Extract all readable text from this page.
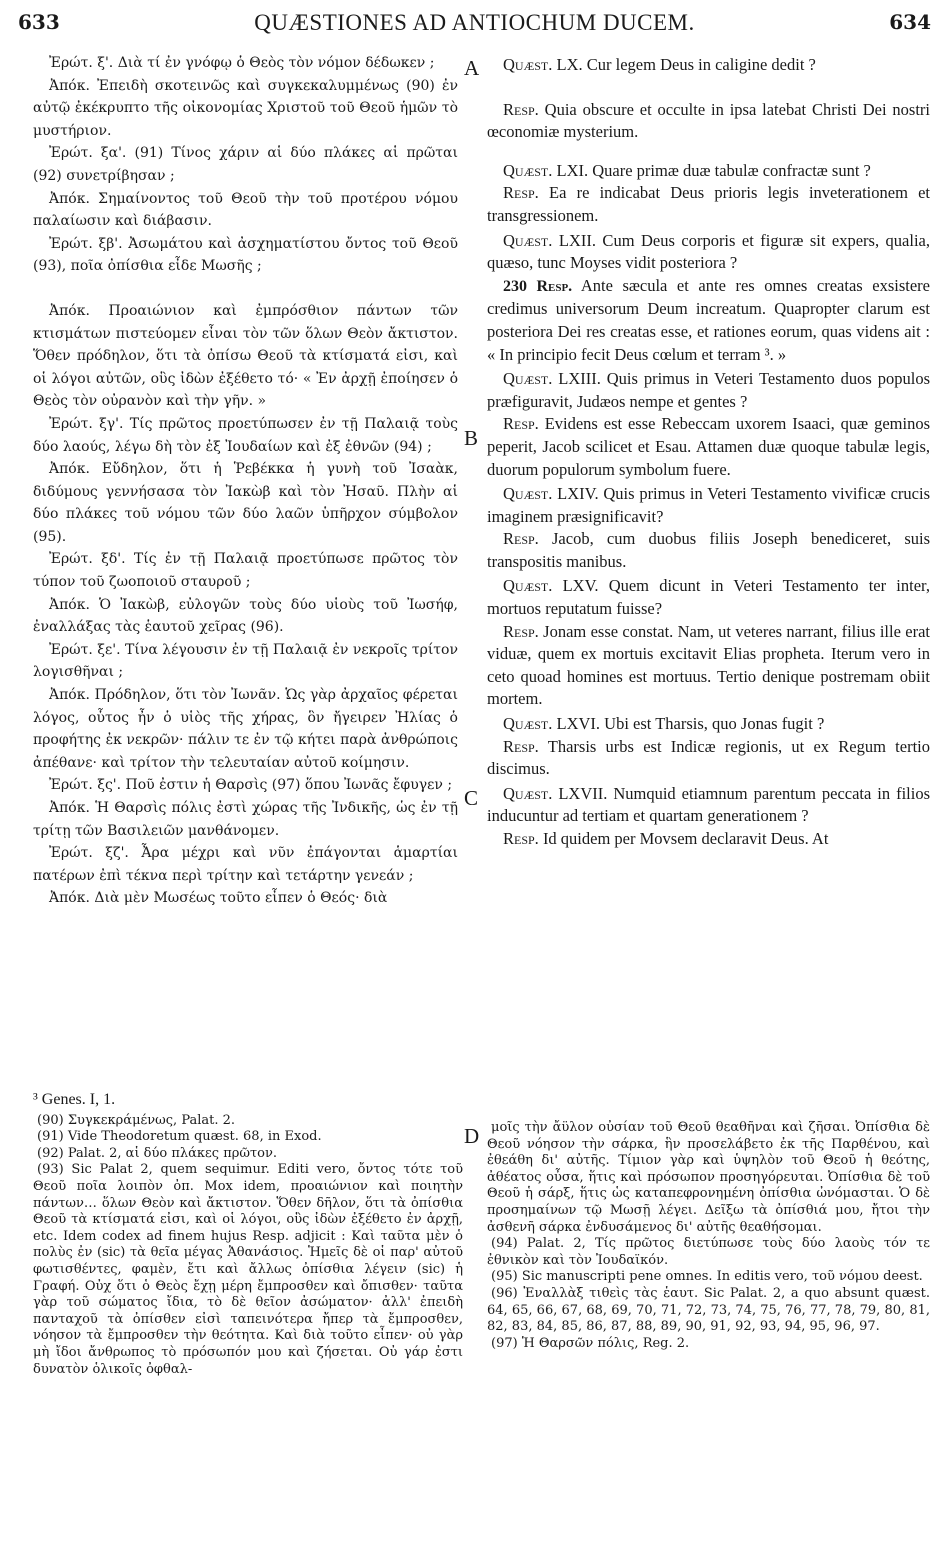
633	QUÆSTIONES AD ANTIOCHUM DUCEM.	634
A
B
C
D

Ἐρώτ. ξ'. Διὰ τί ἐν γνόφῳ ὁ Θεὸς τὸν νόμον δέδωκεν ;

Ἀπόκ. Ἐπειδὴ σκοτεινῶς καὶ συγκεκαλυμμένως (90) ἐν αὐτῷ ἐκέκρυπτο τῆς οἰκονομίας Χριστοῦ τοῦ Θεοῦ ἡμῶν τὸ μυστήριον.

Ἐρώτ. ξα'. (91) Τίνος χάριν αἱ δύο πλάκες αἱ πρῶται (92) συνετρίβησαν ;

Ἀπόκ. Σημαίνοντος τοῦ Θεοῦ τὴν τοῦ προτέρου νόμου παλαίωσιν καὶ διάβασιν.

Ἐρώτ. ξβ'. Ἀσωμάτου καὶ ἀσχηματίστου ὄντος τοῦ Θεοῦ (93), ποῖα ὀπίσθια εἶδε Μωσῆς ;

Ἀπόκ. Προαιώνιον καὶ ἐμπρόσθιον πάντων τῶν κτισμάτων πιστεύομεν εἶναι τὸν τῶν ὅλων Θεὸν ἄκτιστον. Ὅθεν πρόδηλον, ὅτι τὰ ὀπίσω Θεοῦ τὰ κτίσματά εἰσι, καὶ οἱ λόγοι αὐτῶν, οὓς ἰδὼν ἐξέθετο τό· « Ἐν ἀρχῇ ἐποίησεν ὁ Θεὸς τὸν οὐρανὸν καὶ τὴν γῆν. »

Ἐρώτ. ξγ'. Τίς πρῶτος προετύπωσεν ἐν τῇ Παλαιᾷ τοὺς δύο λαούς, λέγω δὴ τὸν ἐξ Ἰουδαίων καὶ ἐξ ἐθνῶν (94) ;

Ἀπόκ. Εὔδηλον, ὅτι ἡ Ῥεβέκκα ἡ γυνὴ τοῦ Ἰσαὰκ, διδύμους γεννήσασα τὸν Ἰακὼβ καὶ τὸν Ἠσαῦ. Πλὴν αἱ δύο πλάκες τοῦ νόμου τῶν δύο λαῶν ὑπῆρχον σύμβολον (95).

Ἐρώτ. ξδ'. Τίς ἐν τῇ Παλαιᾷ προετύπωσε πρῶτος τὸν τύπον τοῦ ζωοποιοῦ σταυροῦ ;

Ἀπόκ. Ὁ Ἰακὼβ, εὐλογῶν τοὺς δύο υἱοὺς τοῦ Ἰωσήφ, ἐναλλάξας τὰς ἑαυτοῦ χεῖρας (96).

Ἐρώτ. ξε'. Τίνα λέγουσιν ἐν τῇ Παλαιᾷ ἐν νεκροῖς τρίτον λογισθῆναι ;

Ἀπόκ. Πρόδηλον, ὅτι τὸν Ἰωνᾶν. Ὡς γὰρ ἀρχαῖος φέρεται λόγος, οὗτος ἦν ὁ υἱὸς τῆς χήρας, ὃν ἤγειρεν Ἠλίας ὁ προφήτης ἐκ νεκρῶν· πάλιν τε ἐν τῷ κήτει παρὰ ἀνθρώποις ἀπέθανε· καὶ τρίτον τὴν τελευταίαν αὐτοῦ κοίμησιν.

Ἐρώτ. ξς'. Ποῦ ἐστιν ἡ Θαρσὶς (97) ὅπου Ἰωνᾶς ἔφυγεν ;

Ἀπόκ. Ἡ Θαρσὶς πόλις ἐστὶ χώρας τῆς Ἰνδικῆς, ὡς ἐν τῇ τρίτῃ τῶν Βασιλειῶν μανθάνομεν.

Ἐρώτ. ξζ'. Ἆρα μέχρι καὶ νῦν ἐπάγονται ἁμαρτίαι πατέρων ἐπὶ τέκνα περὶ τρίτην καὶ τετάρτην γενεάν ;

Ἀπόκ. Διὰ μὲν Μωσέως τοῦτο εἶπεν ὁ Θεός· διὰ

Quæst. LX. Cur legem Deus in caligine dedit ?

Resp. Quia obscure et occulte in ipsa latebat Christi Dei nostri œconomiæ mysterium.

Quæst. LXI. Quare primæ duæ tabulæ confractæ sunt ?

Resp. Ea re indicabat Deus prioris legis inveterationem et transgressionem.

Quæst. LXII. Cum Deus corporis et figuræ sit expers, qualia, quæso, tunc Moyses vidit posteriora ?

230 Resp. Ante sæcula et ante res omnes creatas exsistere credimus universorum Deum increatum. Quapropter clarum est posteriora Dei res creatas esse, et rationes eorum, quas videns ait : « In principio fecit Deus cœlum et terram ³. »

Quæst. LXIII. Quis primus in Veteri Testamento duos populos præfiguravit, Judæos nempe et gentes ?

Resp. Evidens est esse Rebeccam uxorem Isaaci, quæ geminos peperit, Jacob scilicet et Esau. Attamen duæ quoque tabulæ legis, duorum populorum symbolum fuere.

Quæst. LXIV. Quis primus in Veteri Testamento vivificæ crucis imaginem præsignificavit?

Resp. Jacob, cum duobus filiis Joseph benediceret, suis transpositis manibus.

Quæst. LXV. Quem dicunt in Veteri Testamento ter inter, mortuos reputatum fuisse?

Resp. Jonam esse constat. Nam, ut veteres narrant, filius ille erat viduæ, quem ex mortuis excitavit Elias propheta. Iterum vero in ceto quoad homines est mortuus. Tertio denique postremam obiit mortem.

Quæst. LXVI. Ubi est Tharsis, quo Jonas fugit ?

Resp. Tharsis urbs est Indicæ regionis, ut ex Regum tertio discimus.

Quæst. LXVII. Numquid etiamnum parentum peccata in filios inducuntur ad tertiam et quartam generationem ?

Resp. Id quidem per Movsem declaravit Deus. At

³ Genes. I, 1.

(90) Συγκεκράμένως, Palat. 2.

(91) Vide Theodoretum quæst. 68, in Exod.

(92) Palat. 2, αἱ δύο πλάκες πρῶτον.

(93) Sic Palat 2, quem sequimur. Editi vero, ὄντος τότε τοῦ Θεοῦ ποῖα λοιπὸν ὀπ. Mox idem, προαιώνιον καὶ ποιητὴν πάντων… ὅλων Θεὸν καὶ ἄκτιστον. Ὅθεν δῆλον, ὅτι τὰ ὀπίσθια Θεοῦ τὰ κτίσματά εἰσι, καὶ οἱ λόγοι, οὓς ἰδὼν ἐξέθετο ἐν ἀρχῇ, etc. Idem codex ad finem hujus Resp. adjicit : Καὶ ταῦτα μὲν ὁ πολὺς ἐν (sic) τὰ θεῖα μέγας Ἀθανάσιος. Ἡμεῖς δὲ οἱ παρ' αὐτοῦ φωτισθέντες, φαμὲν, ἔτι καὶ ἄλλως ὀπίσθια λέγειν (sic) ἡ Γραφή. Οὐχ ὅτι ὁ Θεὸς ἔχῃ μέρη ἔμπροσθεν καὶ ὄπισθεν· ταῦτα γὰρ τοῦ σώματος ἴδια, τὸ δὲ θεῖον ἀσώματον· ἀλλ' ἐπειδὴ πανταχοῦ τὰ ὀπίσθεν εἰσὶ ταπεινότερα ἤπερ τὰ ἔμπροσθεν, νόησον τὰ ἔμπροσθεν τὴν θεότητα. Καὶ διὰ τοῦτο εἶπεν· οὐ γὰρ μὴ ἴδοι ἄνθρωπος τὸ πρόσωπόν μου καὶ ζήσεται. Οὐ γάρ ἐστι δυνατὸν ὁλικοῖς ὀφθαλ-

μοῖς τὴν ἄϋλον οὐσίαν τοῦ Θεοῦ θεαθῆναι καὶ ζῆσαι. Ὀπίσθια δὲ Θεοῦ νόησον τὴν σάρκα, ἣν προσελάβετο ἐκ τῆς Παρθένου, καὶ ἐθεάθη δι' αὐτῆς. Τίμιον γὰρ καὶ ὑψηλὸν τοῦ Θεοῦ ἡ θεότης, ἀθέατος οὖσα, ἥτις καὶ πρόσωπον προσηγόρευται. Ὀπίσθια δὲ τοῦ Θεοῦ ἡ σάρξ, ἥτις ὡς καταπεφρονημένη ὀπίσθια ὠνόμασται. Ὁ δὲ προσημαίνων τῷ Μωσῇ λέγει. Δεῖξω τὰ ὀπίσθιά μου, ἤτοι τὴν ἀσθενῆ σάρκα ἐνδυσάμενος δι' αὐτῆς θεαθήσομαι.

(94) Palat. 2, Τίς πρῶτος διετύπωσε τοὺς δύο λαοὺς τόν τε ἐθνικὸν καὶ τὸν Ἰουδαϊκόν.

(95) Sic manuscripti pene omnes. In editis vero, τοῦ νόμου deest.

(96) Ἐναλλὰξ τιθεὶς τὰς ἑαυτ. Sic Palat. 2, a quo absunt quæst. 64, 65, 66, 67, 68, 69, 70, 71, 72, 73, 74, 75, 76, 77, 78, 79, 80, 81, 82, 83, 84, 85, 86, 87, 88, 89, 90, 91, 92, 93, 94, 95, 96, 97.

(97) Ἡ Θαρσῶν πόλις, Reg. 2.
